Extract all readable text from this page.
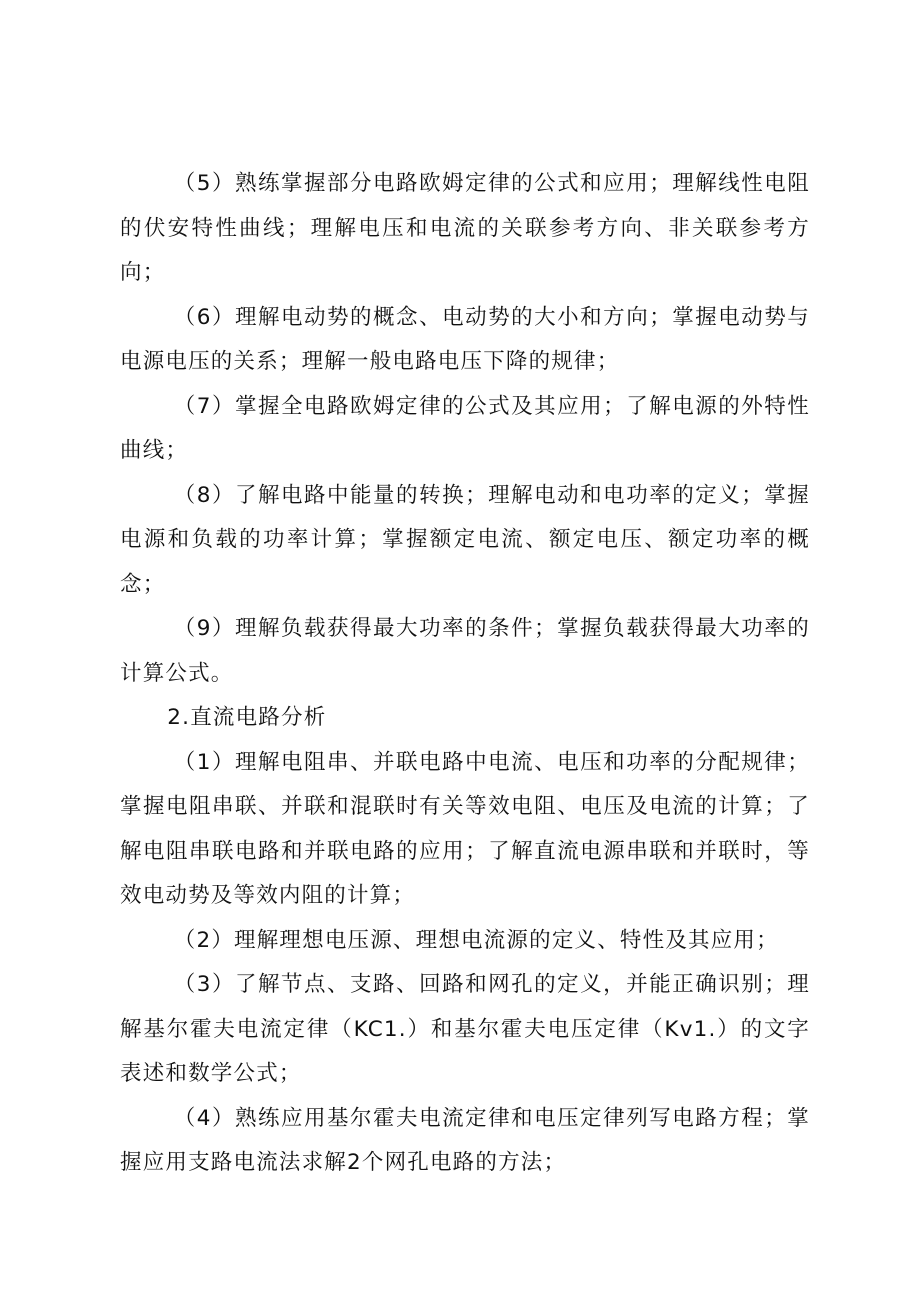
（5）熟练掌握部分电路欧姆定律的公式和应用；理解线性电阻的伏安特性曲线；理解电压和电流的关联参考方向、非关联参考方向；

（6）理解电动势的概念、电动势的大小和方向；掌握电动势与电源电压的关系；理解一般电路电压下降的规律；

（7）掌握全电路欧姆定律的公式及其应用；了解电源的外特性曲线；

（8）了解电路中能量的转换；理解电动和电功率的定义；掌握电源和负载的功率计算；掌握额定电流、额定电压、额定功率的概念；

（9）理解负载获得最大功率的条件；掌握负载获得最大功率的计算公式。

2.直流电路分析

（1）理解电阻串、并联电路中电流、电压和功率的分配规律；掌握电阻串联、并联和混联时有关等效电阻、电压及电流的计算；了解电阻串联电路和并联电路的应用；了解直流电源串联和并联时，等效电动势及等效内阻的计算；

（2）理解理想电压源、理想电流源的定义、特性及其应用；

（3）了解节点、支路、回路和网孔的定义，并能正确识别；理解基尔霍夫电流定律（KC1.）和基尔霍夫电压定律（Kv1.）的文字表述和数学公式；

（4）熟练应用基尔霍夫电流定律和电压定律列写电路方程；掌握应用支路电流法求解2个网孔电路的方法；
